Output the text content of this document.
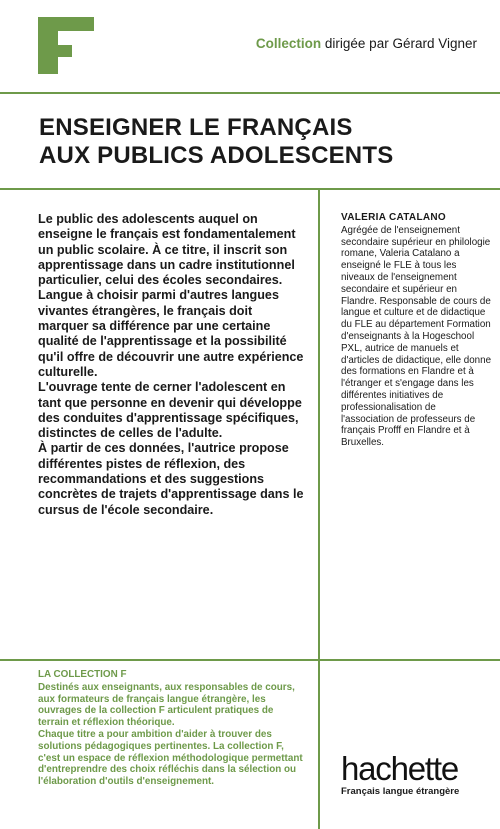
Collection dirigée par Gérard Vigner
ENSEIGNER LE FRANÇAIS
AUX PUBLICS ADOLESCENTS

Le public des adolescents auquel on enseigne le français est fondamentalement un public scolaire. À ce titre, il inscrit son apprentissage dans un cadre institutionnel particulier, celui des écoles secondaires.

Langue à choisir parmi d'autres langues vivantes étrangères, le français doit marquer sa différence par une certaine qualité de l'apprentissage et la possibilité qu'il offre de découvrir une autre expérience culturelle.

L'ouvrage tente de cerner l'adolescent en tant que personne en devenir qui développe des conduites d'apprentissage spécifiques, distinctes de celles de l'adulte.

À partir de ces données, l'autrice propose différentes pistes de réflexion, des recommandations et des suggestions concrètes de trajets d'apprentissage dans le cursus de l'école secondaire.

VALERIA CATALANO

Agrégée de l'enseignement secondaire supérieur en philologie romane, Valeria Catalano a enseigné le FLE à tous les niveaux de l'enseignement secondaire et supérieur en Flandre. Responsable de cours de langue et culture et de didactique du FLE au département Formation d'enseignants à la Hogeschool PXL, autrice de manuels et d'articles de didactique, elle donne des formations en Flandre et à l'étranger et s'engage dans les différentes initiatives de professionalisation de l'association de professeurs de français Profff en Flandre et à Bruxelles.

LA COLLECTION F

Destinés aux enseignants, aux responsables de cours, aux formateurs de français langue étrangère, les ouvrages de la collection F articulent pratiques de terrain et réflexion théorique.

Chaque titre a pour ambition d'aider à trouver des solutions pédagogiques pertinentes. La collection F, c'est un espace de réflexion méthodologique permettant d'entreprendre des choix réfléchis dans la sélection ou l'élaboration d'outils d'enseignement.	hachette
Français langue étrangère
